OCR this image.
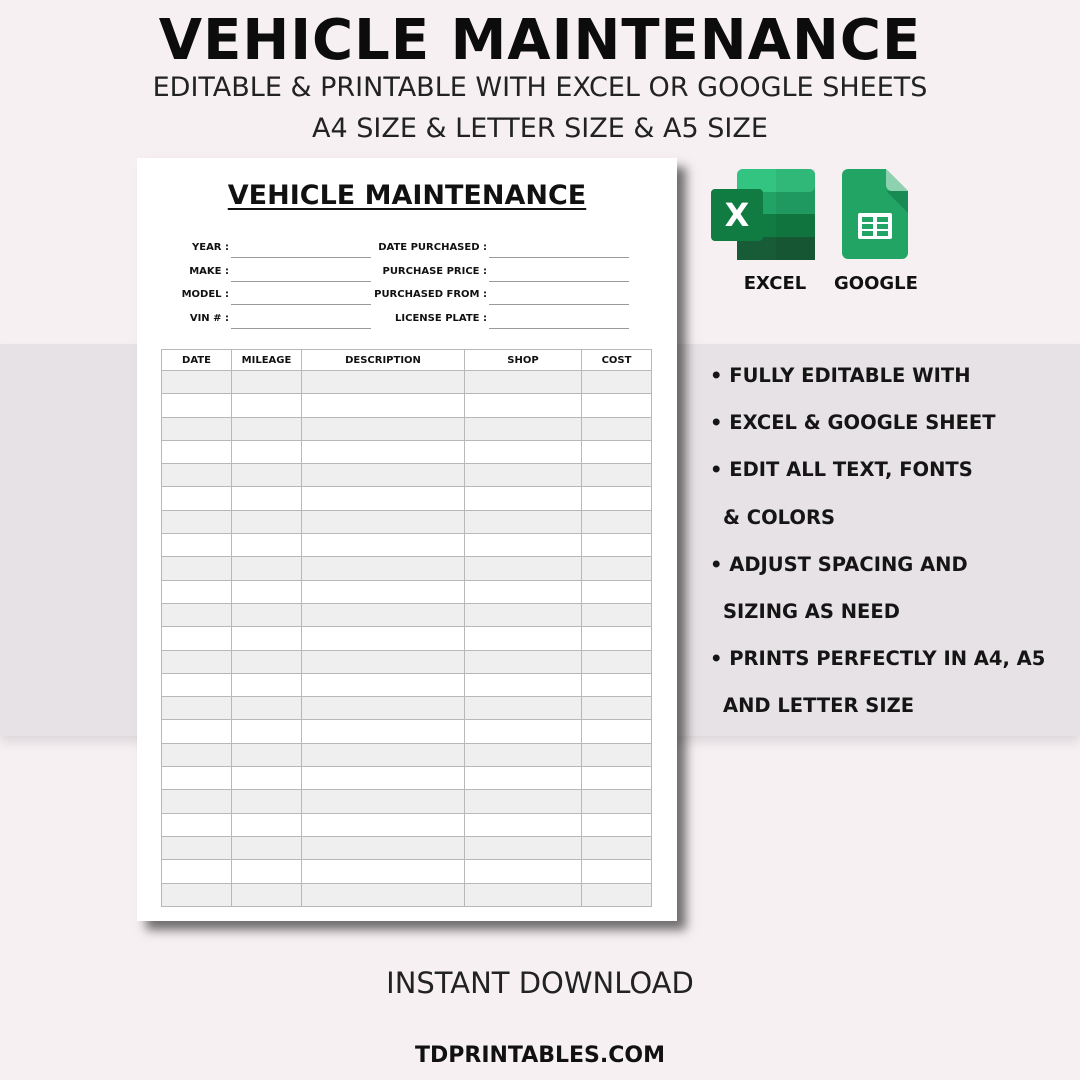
VEHICLE MAINTENANCE
EDITABLE & PRINTABLE WITH EXCEL OR GOOGLE SHEETS
A4 SIZE & LETTER SIZE & A5 SIZE
VEHICLE MAINTENANCE
YEAR :
MAKE :
MODEL :
VIN # :
DATE PURCHASED :
PURCHASE PRICE :
PURCHASED FROM :
LICENSE PLATE :
DATE	MILEAGE	DESCRIPTION	SHOP	COST

X
EXCEL	GOOGLE
• FULLY EDITABLE WITH
• EXCEL & GOOGLE SHEET
• EDIT ALL TEXT, FONTS
& COLORS
• ADJUST SPACING AND
SIZING AS NEED
• PRINTS PERFECTLY IN A4, A5
AND LETTER SIZE
INSTANT DOWNLOAD
TDPRINTABLES.COM
